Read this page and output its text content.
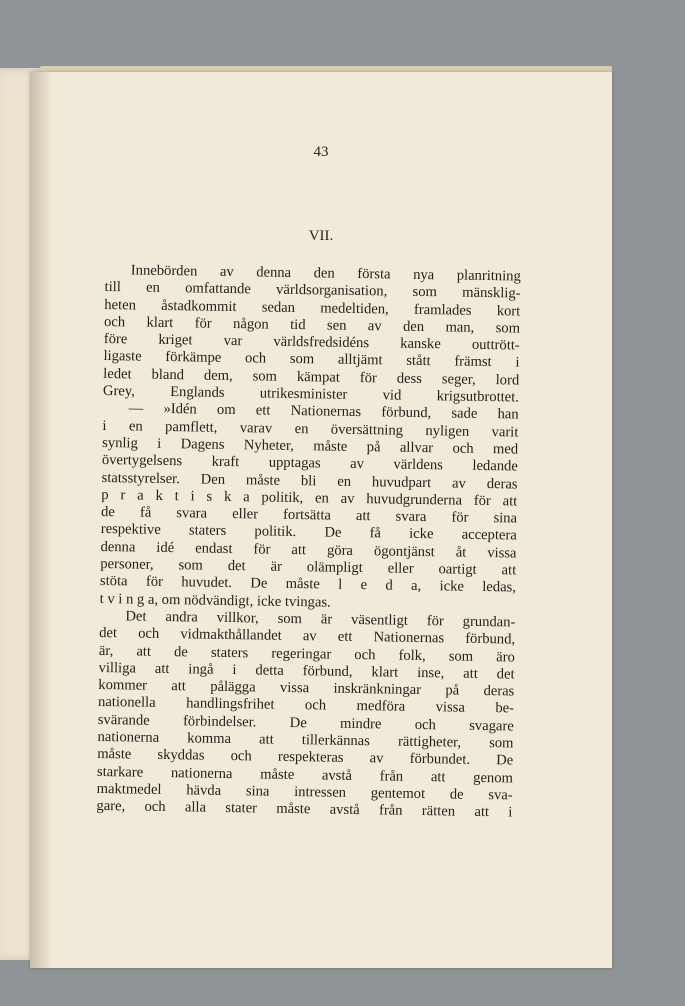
43
VII.
Innebörden av denna den första nya planritning
till en omfattande världsorganisation, som mänsklig-
heten åstadkommit sedan medeltiden, framlades kort
och klart för någon tid sen av den man, som
före kriget var världsfredsidéns kanske outtrött-
ligaste förkämpe och som alltjämt stått främst i
ledet bland dem, som kämpat för dess seger, lord
Grey, Englands utrikesminister vid krigsutbrottet.
— »Idén om ett Nationernas förbund, sade han
i en pamflett, varav en översättning nyligen varit
synlig i Dagens Nyheter, måste på allvar och med
övertygelsens kraft upptagas av världens ledande
statsstyrelser. Den måste bli en huvudpart av deras
p r a k t i s k a politik, en av huvudgrunderna för att
de få svara eller fortsätta att svara för sina
respektive staters politik. De få icke acceptera
denna idé endast för att göra ögontjänst åt vissa
personer, som det är olämpligt eller oartigt att
stöta för huvudet. De måste l e d a, icke ledas,
t v i n g a, om nödvändigt, icke tvingas.
Det andra villkor, som är väsentligt för grundan-
det och vidmakthållandet av ett Nationernas förbund,
är, att de staters regeringar och folk, som äro
villiga att ingå i detta förbund, klart inse, att det
kommer att pålägga vissa inskränkningar på deras
nationella handlingsfrihet och medföra vissa be-
svärande förbindelser. De mindre och svagare
nationerna komma att tillerkännas rättigheter, som
måste skyddas och respekteras av förbundet. De
starkare nationerna måste avstå från att genom
maktmedel hävda sina intressen gentemot de sva-
gare, och alla stater måste avstå från rätten att i
